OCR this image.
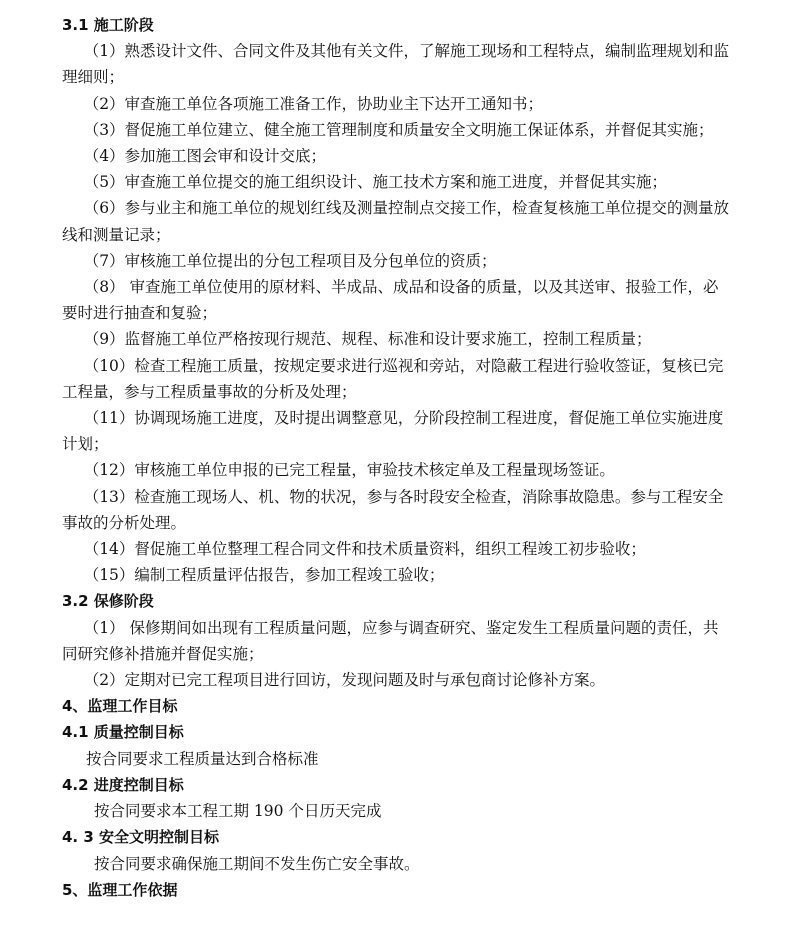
3.1 施工阶段

（1）熟悉设计文件、合同文件及其他有关文件，了解施工现场和工程特点，编制监理规划和监理细则；

（2）审查施工单位各项施工准备工作，协助业主下达开工通知书；

（3）督促施工单位建立、健全施工管理制度和质量安全文明施工保证体系，并督促其实施；

（4）参加施工图会审和设计交底；

（5）审查施工单位提交的施工组织设计、施工技术方案和施工进度，并督促其实施；

（6）参与业主和施工单位的规划红线及测量控制点交接工作，检查复核施工单位提交的测量放线和测量记录；

（7）审核施工单位提出的分包工程项目及分包单位的资质；

（8） 审查施工单位使用的原材料、半成品、成品和设备的质量，以及其送审、报验工作，必要时进行抽查和复验；

（9）监督施工单位严格按现行规范、规程、标准和设计要求施工，控制工程质量；

（10）检查工程施工质量，按规定要求进行巡视和旁站，对隐蔽工程进行验收签证，复核已完工程量，参与工程质量事故的分析及处理；

（11）协调现场施工进度，及时提出调整意见，分阶段控制工程进度，督促施工单位实施进度计划；

（12）审核施工单位申报的已完工程量，审验技术核定单及工程量现场签证。

（13）检查施工现场人、机、物的状况，参与各时段安全检查，消除事故隐患。参与工程安全事故的分析处理。

（14）督促施工单位整理工程合同文件和技术质量资料，组织工程竣工初步验收；

（15）编制工程质量评估报告，参加工程竣工验收；

3.2 保修阶段

（1） 保修期间如出现有工程质量问题，应参与调查研究、鉴定发生工程质量问题的责任，共同研究修补措施并督促实施；

（2）定期对已完工程项目进行回访，发现问题及时与承包商讨论修补方案。

4、监理工作目标
4.1 质量控制目标

按合同要求工程质量达到合格标准

4.2 进度控制目标

按合同要求本工程工期 190 个日历天完成

4. 3 安全文明控制目标

按合同要求确保施工期间不发生伤亡安全事故。

5、监理工作依据
